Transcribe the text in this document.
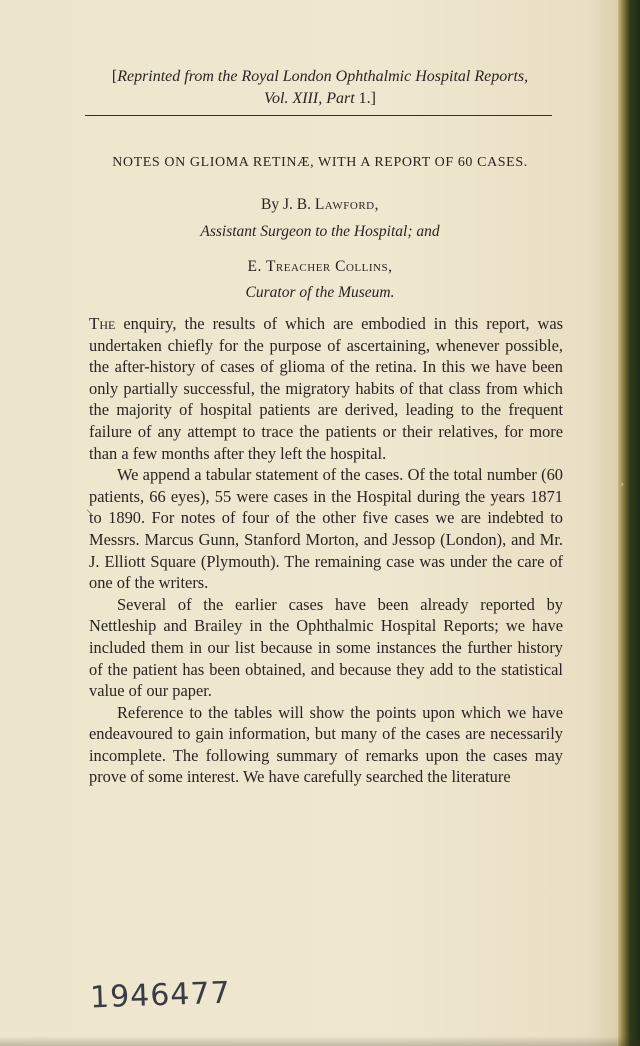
[Reprinted from the Royal London Ophthalmic Hospital Reports,
Vol. XIII, Part 1.]
NOTES ON GLIOMA RETINÆ, WITH A REPORT OF 60 CASES.
By J. B. Lawford,
Assistant Surgeon to the Hospital; and
E. Treacher Collins,
Curator of the Museum.

The enquiry, the results of which are embodied in this report, was undertaken chiefly for the purpose of ascertaining, whenever possible, the after-history of cases of glioma of the retina. In this we have been only partially successful, the migratory habits of that class from which the majority of hospital patients are derived, leading to the frequent failure of any attempt to trace the patients or their relatives, for more than a few months after they left the hospital.

We append a tabular statement of the cases. Of the total number (60 patients, 66 eyes), 55 were cases in the Hospital during the years 1871 to 1890. For notes of four of the other five cases we are indebted to Messrs. Marcus Gunn, Stanford Morton, and Jessop (London), and Mr. J. Elliott Square (Plymouth). The remaining case was under the care of one of the writers.

Several of the earlier cases have been already reported by Nettleship and Brailey in the Ophthalmic Hospital Reports; we have included them in our list because in some instances the further history of the patient has been obtained, and because they add to the statistical value of our paper.

Reference to the tables will show the points upon which we have endeavoured to gain information, but many of the cases are necessarily incomplete. The following summary of remarks upon the cases may prove of some interest. We have carefully searched the literature

⸜
›
1946477
